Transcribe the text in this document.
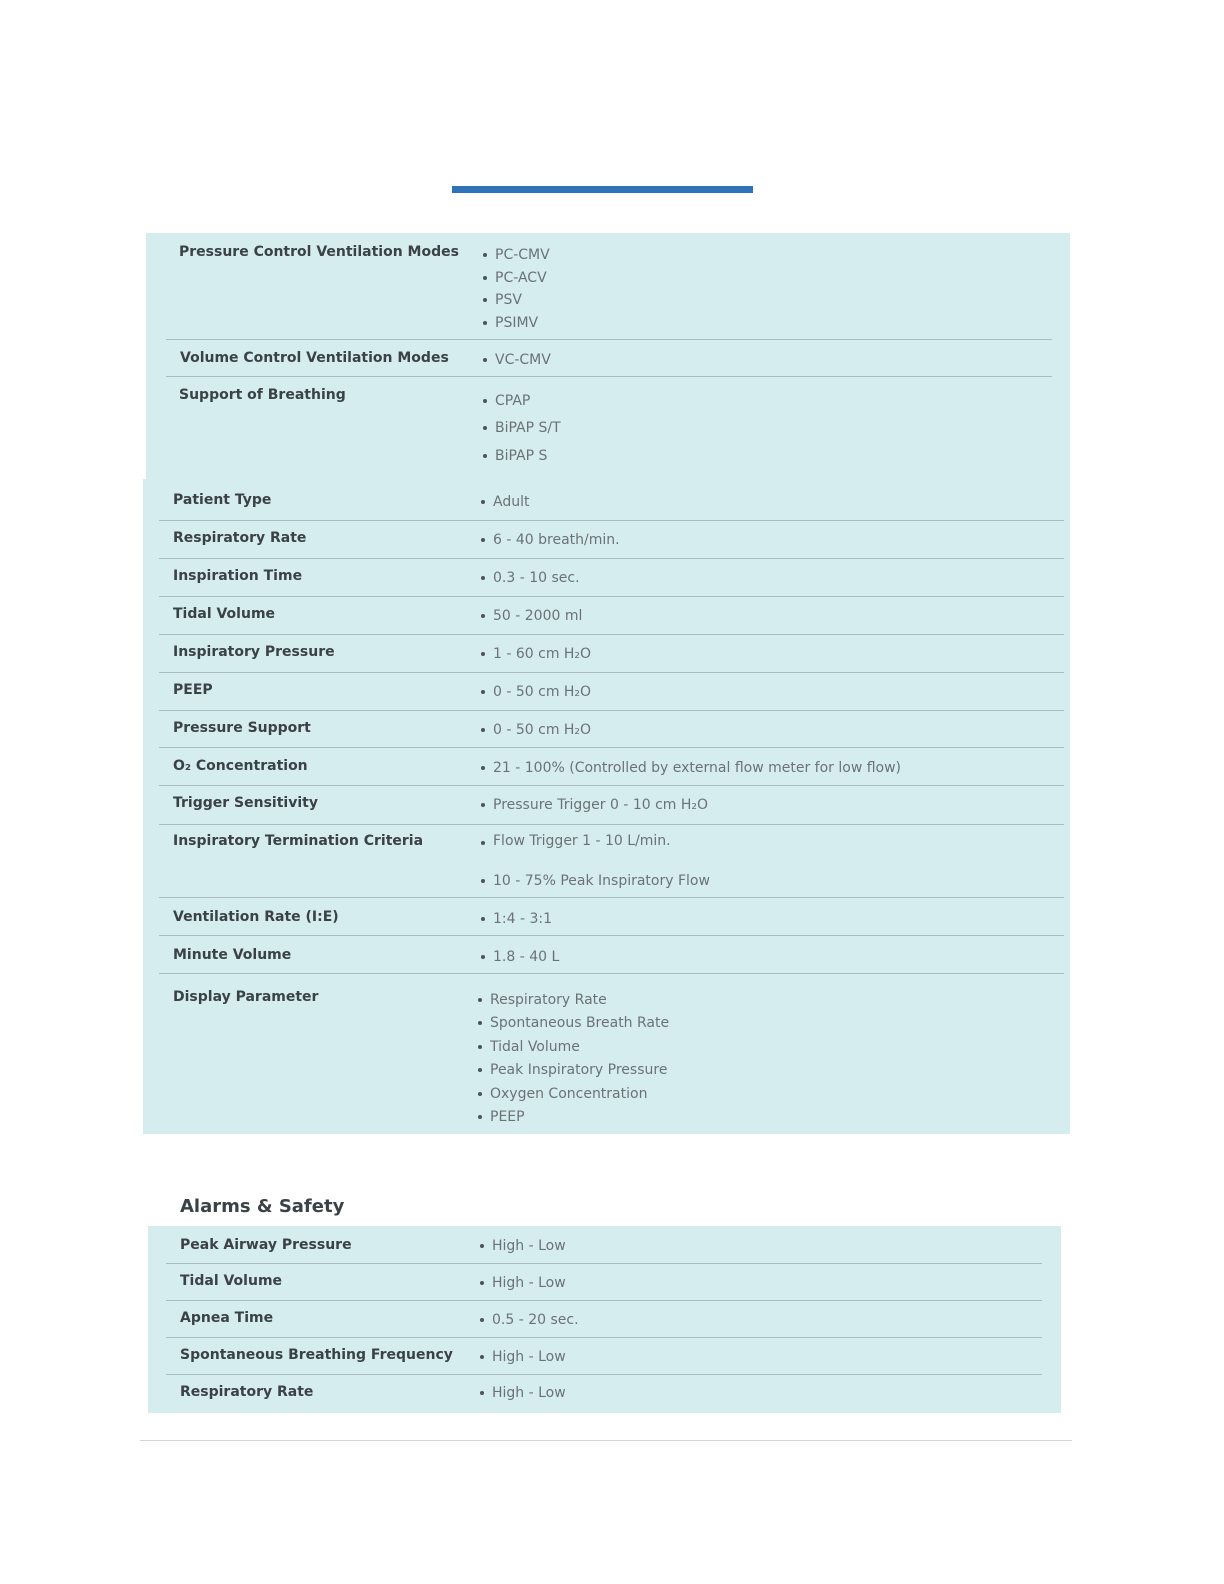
Pressure Control Ventilation Modes	PC-CMV
PC-ACV
PSV
PSIMV
Volume Control Ventilation Modes	VC-CMV
Support of Breathing	CPAP
BiPAP S/T
BiPAP S
Patient Type	Adult
Respiratory Rate	6 - 40 breath/min.
Inspiration Time	0.3 - 10 sec.
Tidal Volume	50 - 2000 ml
Inspiratory Pressure	1 - 60 cm H₂O
PEEP	0 - 50 cm H₂O
Pressure Support	0 - 50 cm H₂O
O₂ Concentration	21 - 100% (Controlled by external flow meter for low flow)
Trigger Sensitivity	Pressure Trigger 0 - 10 cm H₂O
Inspiratory Termination Criteria	Flow Trigger 1 - 10 L/min.
10 - 75% Peak Inspiratory Flow
Ventilation Rate (I:E)	1:4 - 3:1
Minute Volume	1.8 - 40 L
Display Parameter	Respiratory Rate
Spontaneous Breath Rate
Tidal Volume
Peak Inspiratory Pressure
Oxygen Concentration
PEEP
Alarms & Safety
Peak Airway Pressure	High - Low
Tidal Volume	High - Low
Apnea Time	0.5 - 20 sec.
Spontaneous Breathing Frequency	High - Low
Respiratory Rate	High - Low
